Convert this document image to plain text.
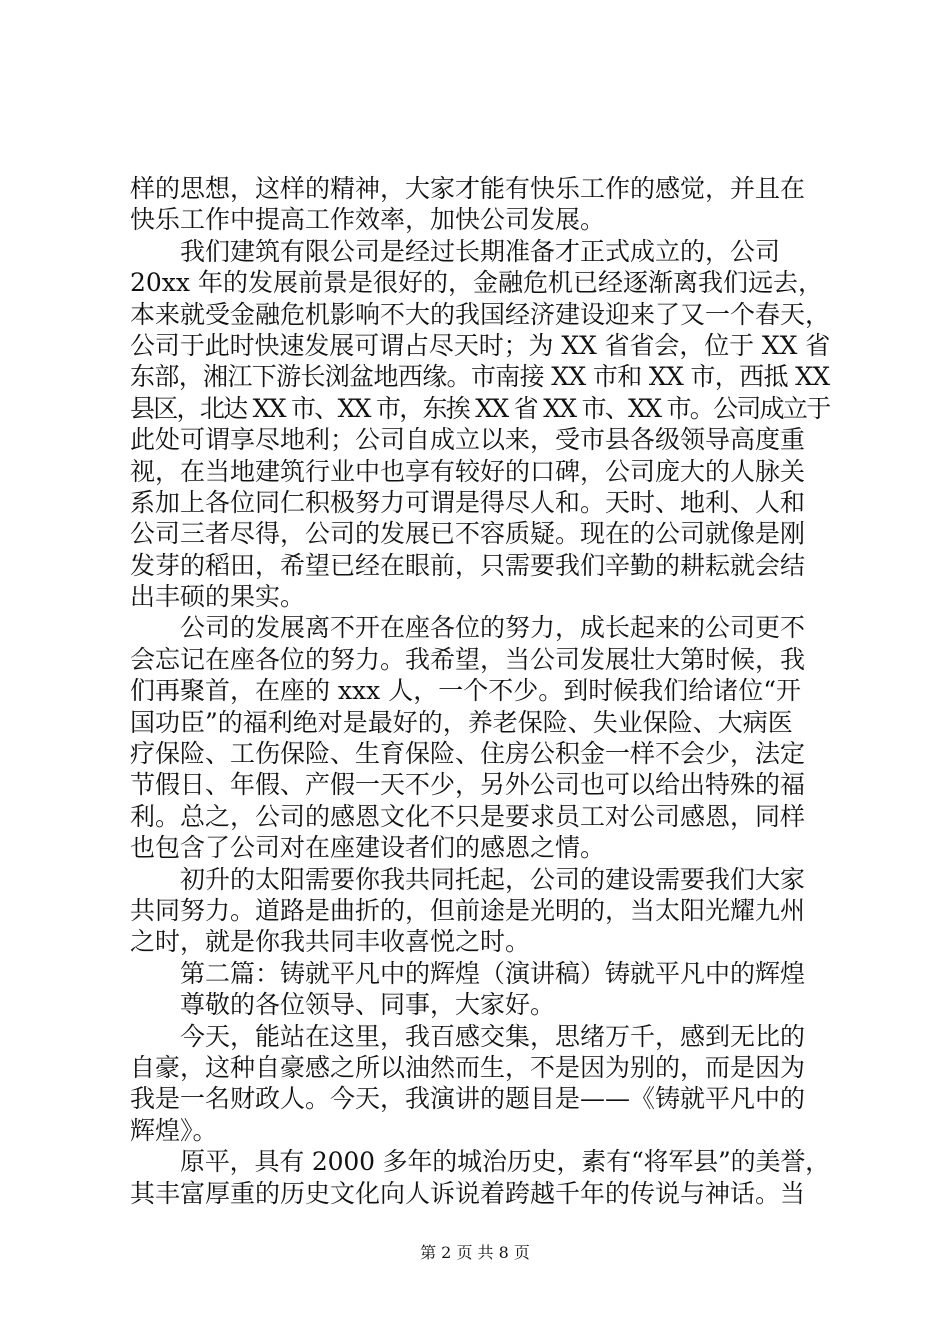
样的思想，这样的精神，大家才能有快乐工作的感觉，并且在
快乐工作中提高工作效率，加快公司发展。
我们建筑有限公司是经过长期准备才正式成立的，公司
20xx 年的发展前景是很好的，金融危机已经逐渐离我们远去，
本来就受金融危机影响不大的我国经济建设迎来了又一个春天，
公司于此时快速发展可谓占尽天时；为 XX 省省会，位于 XX 省
东部，湘江下游长浏盆地西缘。市南接 XX 市和 XX 市，西抵 XX
县区，北达 XX 市、XX 市，东挨 XX 省 XX 市、XX 市。公司成立于
此处可谓享尽地利；公司自成立以来，受市县各级领导高度重
视，在当地建筑行业中也享有较好的口碑，公司庞大的人脉关
系加上各位同仁积极努力可谓是得尽人和。天时、地利、人和
公司三者尽得，公司的发展已不容质疑。现在的公司就像是刚
发芽的稻田，希望已经在眼前，只需要我们辛勤的耕耘就会结
出丰硕的果实。
公司的发展离不开在座各位的努力，成长起来的公司更不
会忘记在座各位的努力。我希望，当公司发展壮大第时候，我
们再聚首，在座的 xxx 人，一个不少。到时候我们给诸位“开
国功臣”的福利绝对是最好的，养老保险、失业保险、大病医
疗保险、工伤保险、生育保险、住房公积金一样不会少，法定
节假日、年假、产假一天不少，另外公司也可以给出特殊的福
利。总之，公司的感恩文化不只是要求员工对公司感恩，同样
也包含了公司对在座建设者们的感恩之情。
初升的太阳需要你我共同托起，公司的建设需要我们大家
共同努力。道路是曲折的，但前途是光明的，当太阳光耀九州
之时，就是你我共同丰收喜悦之时。
第二篇：铸就平凡中的辉煌（演讲稿）铸就平凡中的辉煌
尊敬的各位领导、同事，大家好。
今天，能站在这里，我百感交集，思绪万千，感到无比的
自豪，这种自豪感之所以油然而生，不是因为别的，而是因为
我是一名财政人。今天，我演讲的题目是——《铸就平凡中的
辉煌》。
原平，具有 2000 多年的城治历史，素有“将军县”的美誉，
其丰富厚重的历史文化向人诉说着跨越千年的传说与神话。当
第 2 页 共 8 页
